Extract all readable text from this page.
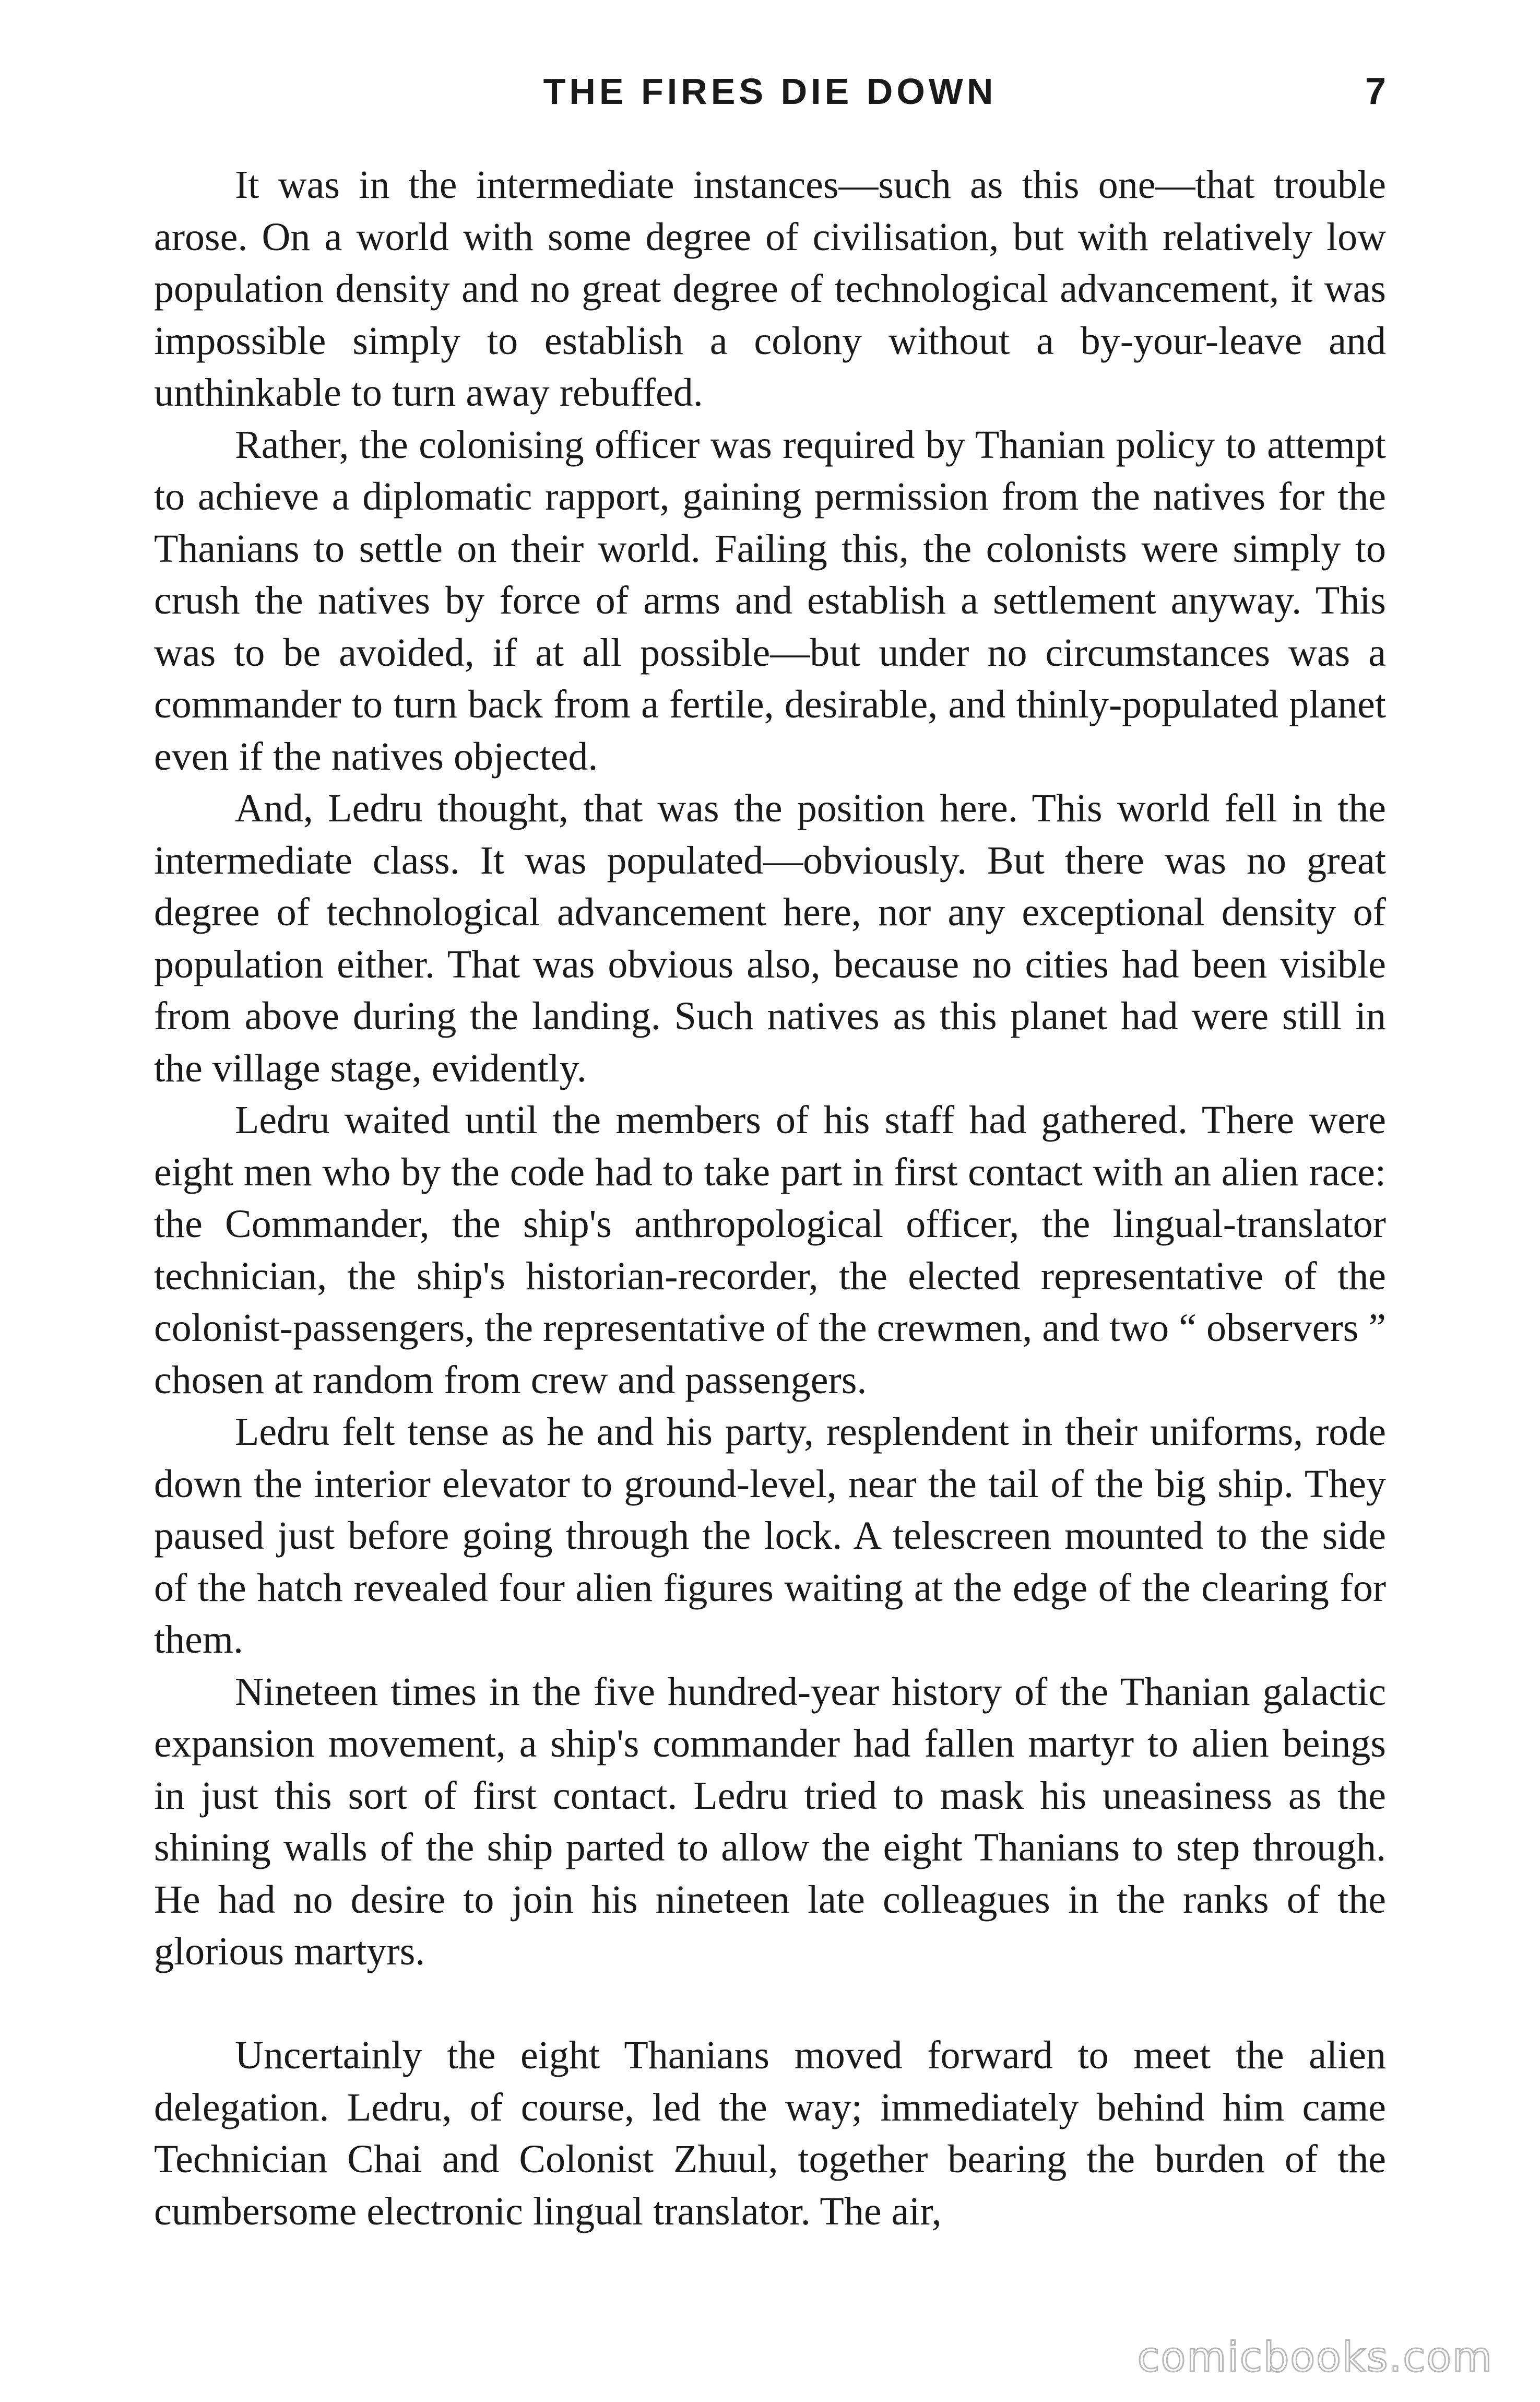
THE FIRES DIE DOWN	7

It was in the intermediate instances—such as this one—that trouble arose. On a world with some degree of civilisation, but with relatively low population density and no great degree of technological advancement, it was impossible simply to establish a colony without a by-your-leave and unthinkable to turn away rebuffed.

Rather, the colonising officer was required by Thanian policy to attempt to achieve a diplomatic rapport, gaining permission from the natives for the Thanians to settle on their world. Failing this, the colonists were simply to crush the natives by force of arms and establish a settlement anyway. This was to be avoided, if at all possible—but under no circumstances was a commander to turn back from a fertile, desirable, and thinly-populated planet even if the natives objected.

And, Ledru thought, that was the position here. This world fell in the intermediate class. It was populated—obviously. But there was no great degree of technological advancement here, nor any exceptional density of population either. That was obvious also, because no cities had been visible from above during the landing. Such natives as this planet had were still in the village stage, evidently.

Ledru waited until the members of his staff had gathered. There were eight men who by the code had to take part in first contact with an alien race: the Commander, the ship's anthropological officer, the lingual-translator technician, the ship's historian-recorder, the elected representative of the colonist-passengers, the representative of the crewmen, and two “ observers ” chosen at random from crew and passengers.

Ledru felt tense as he and his party, resplendent in their uniforms, rode down the interior elevator to ground-level, near the tail of the big ship. They paused just before going through the lock. A telescreen mounted to the side of the hatch revealed four alien figures waiting at the edge of the clearing for them.

Nineteen times in the five hundred-year history of the Thanian galactic expansion movement, a ship's commander had fallen martyr to alien beings in just this sort of first contact. Ledru tried to mask his uneasiness as the shining walls of the ship parted to allow the eight Thanians to step through. He had no desire to join his nineteen late colleagues in the ranks of the glorious martyrs.

Uncertainly the eight Thanians moved forward to meet the alien delegation. Ledru, of course, led the way; immediately behind him came Technician Chai and Colonist Zhuul, together bearing the burden of the cumbersome electronic lingual translator. The air,

comicbooks.com
